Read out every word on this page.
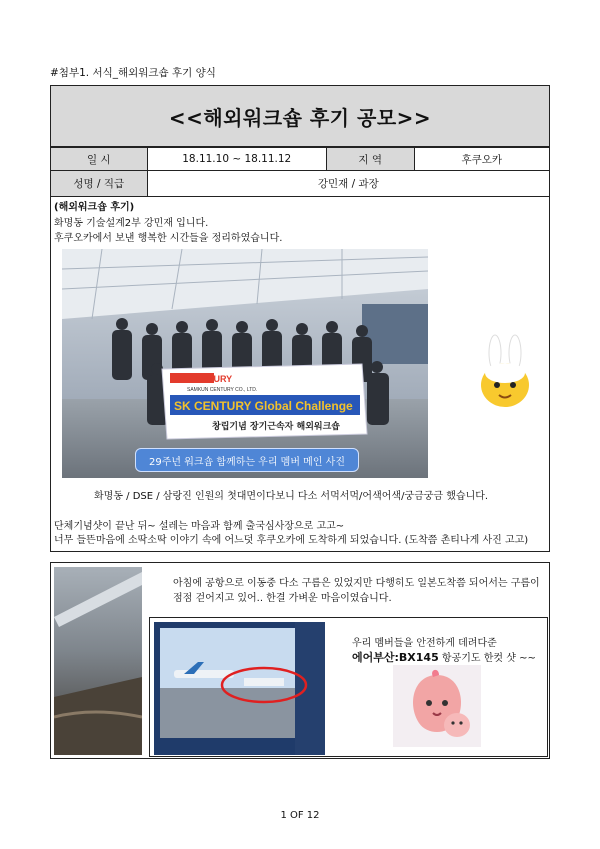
#첨부1. 서식_해외워크숍 후기 양식
<<해외워크숍 후기 공모>>
일 시	18.11.10 ~ 18.11.12	지 역	후쿠오카
성명 / 직급	강민재 / 과장
(해외워크숍 후기)
화명동 기술설계2부 강민재 입니다.
후쿠오카에서 보낸 행복한 시간들을 정리하였습니다.
SK CENTURY
SAMKUN CENTURY CO., LTD.
SK CENTURY Global Challenge
창립기념 장기근속자 해외워크숍
29주년 워크숍 함께하는 우리 멤버 메인 사진
화명동 / DSE / 삼랑진 인원의 첫대면이다보니 다소 서먹서먹/어색어색/궁금궁금 했습니다.
단체기념샷이 끝난 뒤~ 설레는 마음과 함께 출국심사장으로 고고~
너무 들뜬마음에 소딱소딱 이야기 속에 어느덧 후쿠오카에 도착하게 되었습니다. (도착쯤 촌티나게 사진 고고)
아침에 공항으로 이동중 다소 구름은 있었지만 다행히도 일본도착쯤 되어서는 구름이
점점 걷어지고 있어.. 한결 가벼운 마음이였습니다.
우리 멤버들을 안전하게 데려다준
에어부산:BX145 항공기도 한컷 샷 ~~
1 OF 12
